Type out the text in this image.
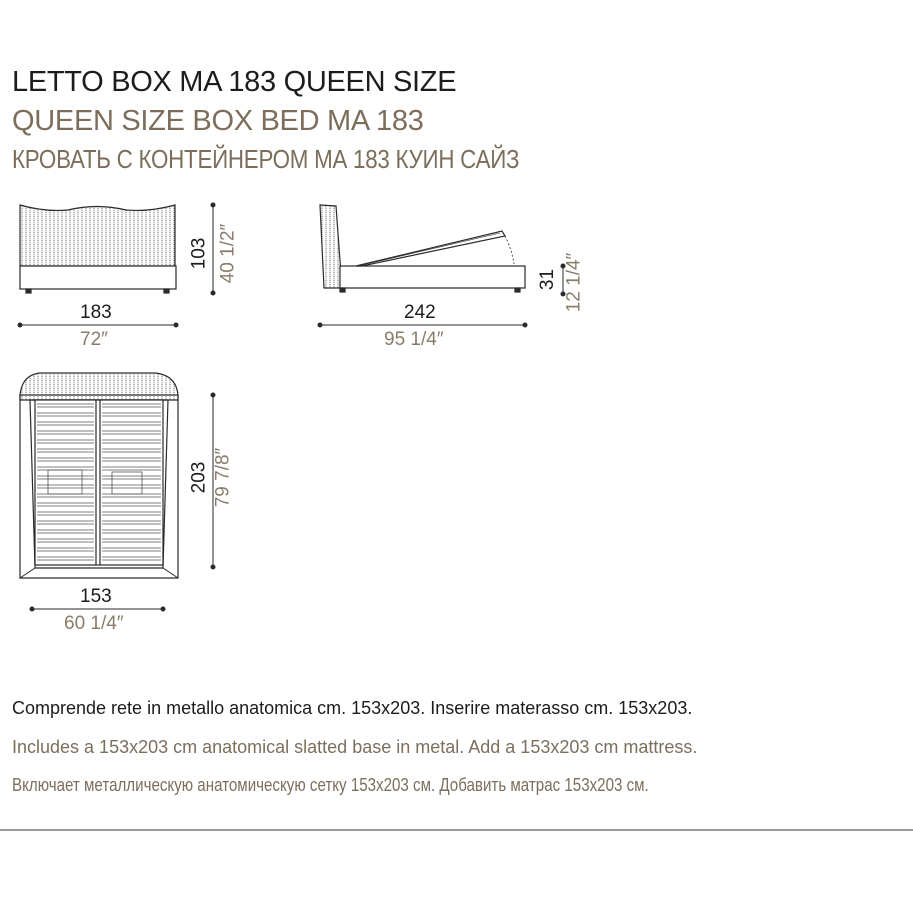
LETTO BOX MA 183 QUEEN SIZE
QUEEN SIZE BOX BED MA 183
КРОВАТЬ С КОНТЕЙНЕРОМ МА 183 КУИН САЙЗ
183
72″
103 40 1/2″
242
95 1/4″
31 12 1/4″
153
60 1/4″
203 79 7/8″
Comprende rete in metallo anatomica cm. 153x203. Inserire materasso cm. 153x203.
Includes a 153x203 cm anatomical slatted base in metal. Add a 153x203 cm mattress.
Включает металлическую анатомическую сетку 153x203 см. Добавить матрас 153x203 см.
